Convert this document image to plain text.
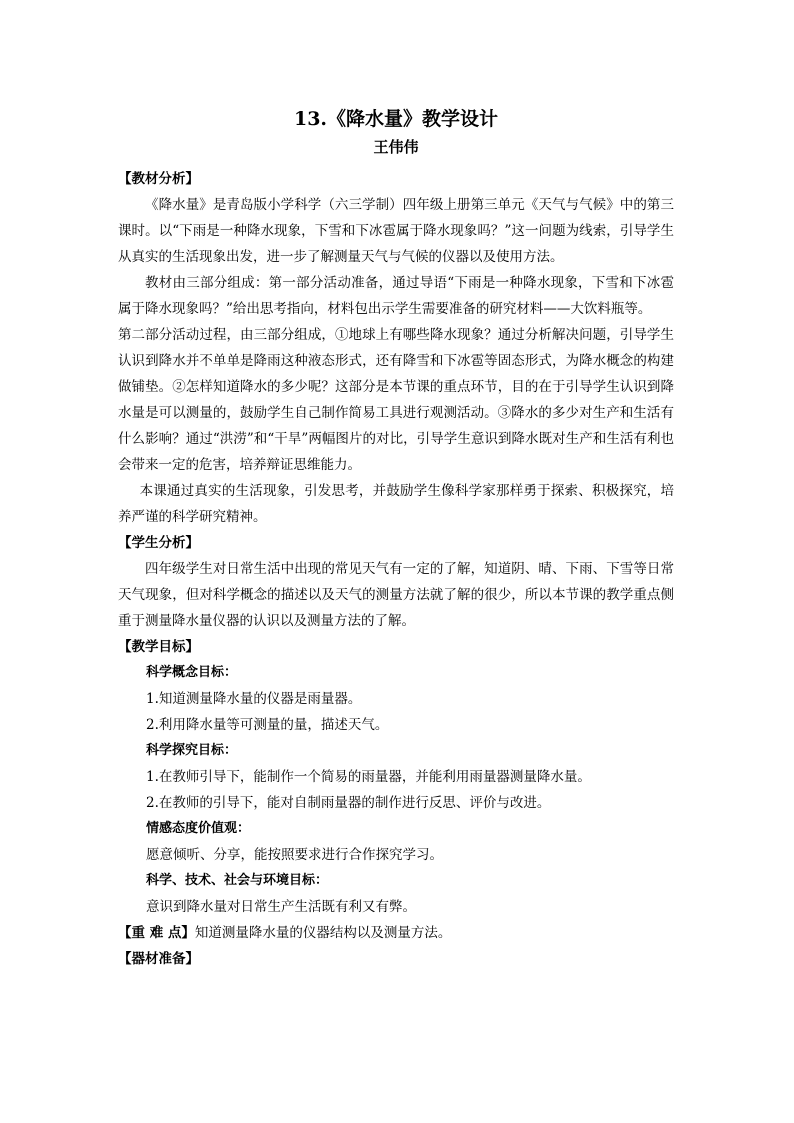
13.《降水量》教学设计
王伟伟
【教材分析】

《降水量》是青岛版小学科学（六三学制）四年级上册第三单元《天气与气候》中的第三课时。以“下雨是一种降水现象，下雪和下冰雹属于降水现象吗？”这一问题为线索，引导学生从真实的生活现象出发，进一步了解测量天气与气候的仪器以及使用方法。

教材由三部分组成：第一部分活动准备，通过导语“下雨是一种降水现象，下雪和下冰雹属于降水现象吗？”给出思考指向，材料包出示学生需要准备的研究材料——大饮料瓶等。

第二部分活动过程，由三部分组成，①地球上有哪些降水现象？通过分析解决问题，引导学生认识到降水并不单单是降雨这种液态形式，还有降雪和下冰雹等固态形式，为降水概念的构建做铺垫。②怎样知道降水的多少呢？这部分是本节课的重点环节，目的在于引导学生认识到降水量是可以测量的，鼓励学生自己制作简易工具进行观测活动。③降水的多少对生产和生活有什么影响？通过“洪涝”和“干旱”两幅图片的对比，引导学生意识到降水既对生产和生活有利也会带来一定的危害，培养辩证思维能力。

本课通过真实的生活现象，引发思考，并鼓励学生像科学家那样勇于探索、积极探究，培养严谨的科学研究精神。

【学生分析】

四年级学生对日常生活中出现的常见天气有一定的了解，知道阴、晴、下雨、下雪等日常天气现象，但对科学概念的描述以及天气的测量方法就了解的很少，所以本节课的教学重点侧重于测量降水量仪器的认识以及测量方法的了解。

【教学目标】
科学概念目标：
1.知道测量降水量的仪器是雨量器。
2.利用降水量等可测量的量，描述天气。
科学探究目标：
1.在教师引导下，能制作一个简易的雨量器，并能利用雨量器测量降水量。
2.在教师的引导下，能对自制雨量器的制作进行反思、评价与改进。
情感态度价值观：
愿意倾听、分享，能按照要求进行合作探究学习。
科学、技术、社会与环境目标：
意识到降水量对日常生产生活既有利又有弊。
【重 难 点】知道测量降水量的仪器结构以及测量方法。
【器材准备】
